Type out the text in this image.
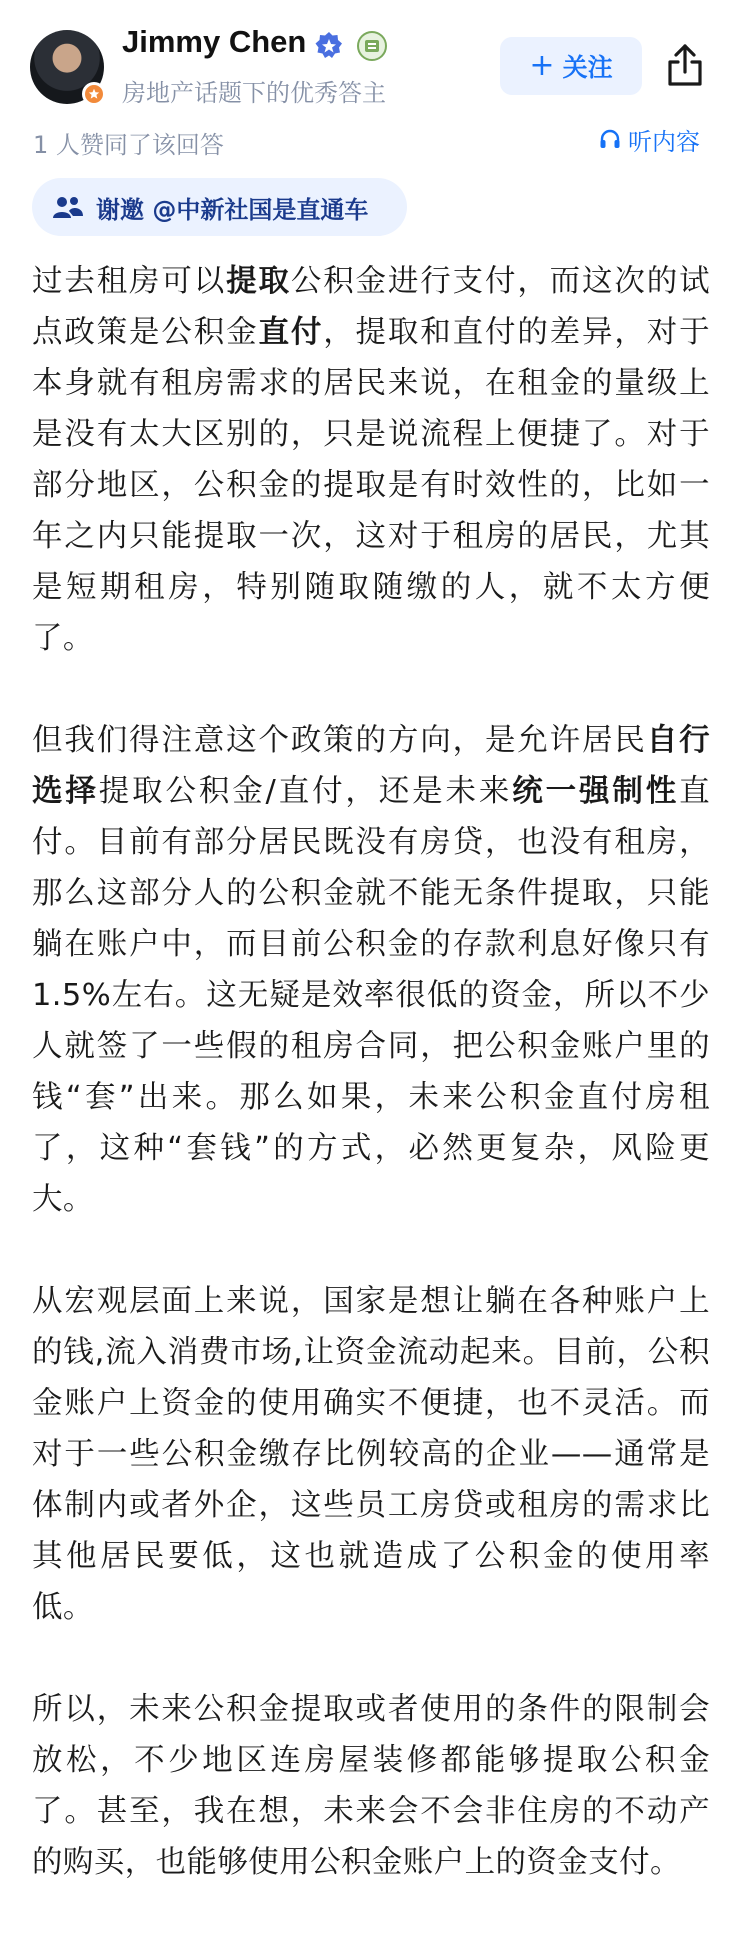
Jimmy Chen
房地产话题下的优秀答主
+ 关注
1 人赞同了该回答	听内容
谢邀 @中新社国是直通车

过去租房可以提取公积金进行支付，而这次的试点政策是公积金直付，提取和直付的差异，对于本身就有租房需求的居民来说，在租金的量级上是没有太大区别的，只是说流程上便捷了。对于部分地区，公积金的提取是有时效性的，比如一年之内只能提取一次，这对于租房的居民，尤其是短期租房，特别随取随缴的人，就不太方便了。

但我们得注意这个政策的方向，是允许居民自行选择提取公积金/直付，还是未来统一强制性直付。目前有部分居民既没有房贷，也没有租房，那么这部分人的公积金就不能无条件提取，只能躺在账户中，而目前公积金的存款利息好像只有1.5%左右。这无疑是效率很低的资金，所以不少人就签了一些假的租房合同，把公积金账户里的钱“套”出来。那么如果，未来公积金直付房租了，这种“套钱”的方式，必然更复杂，风险更大。

从宏观层面上来说，国家是想让躺在各种账户上的钱,流入消费市场,让资金流动起来。目前，公积金账户上资金的使用确实不便捷，也不灵活。而对于一些公积金缴存比例较高的企业——通常是体制内或者外企，这些员工房贷或租房的需求比其他居民要低，这也就造成了公积金的使用率低。

所以，未来公积金提取或者使用的条件的限制会放松，不少地区连房屋装修都能够提取公积金了。甚至，我在想，未来会不会非住房的不动产的购买，也能够使用公积金账户上的资金支付。
